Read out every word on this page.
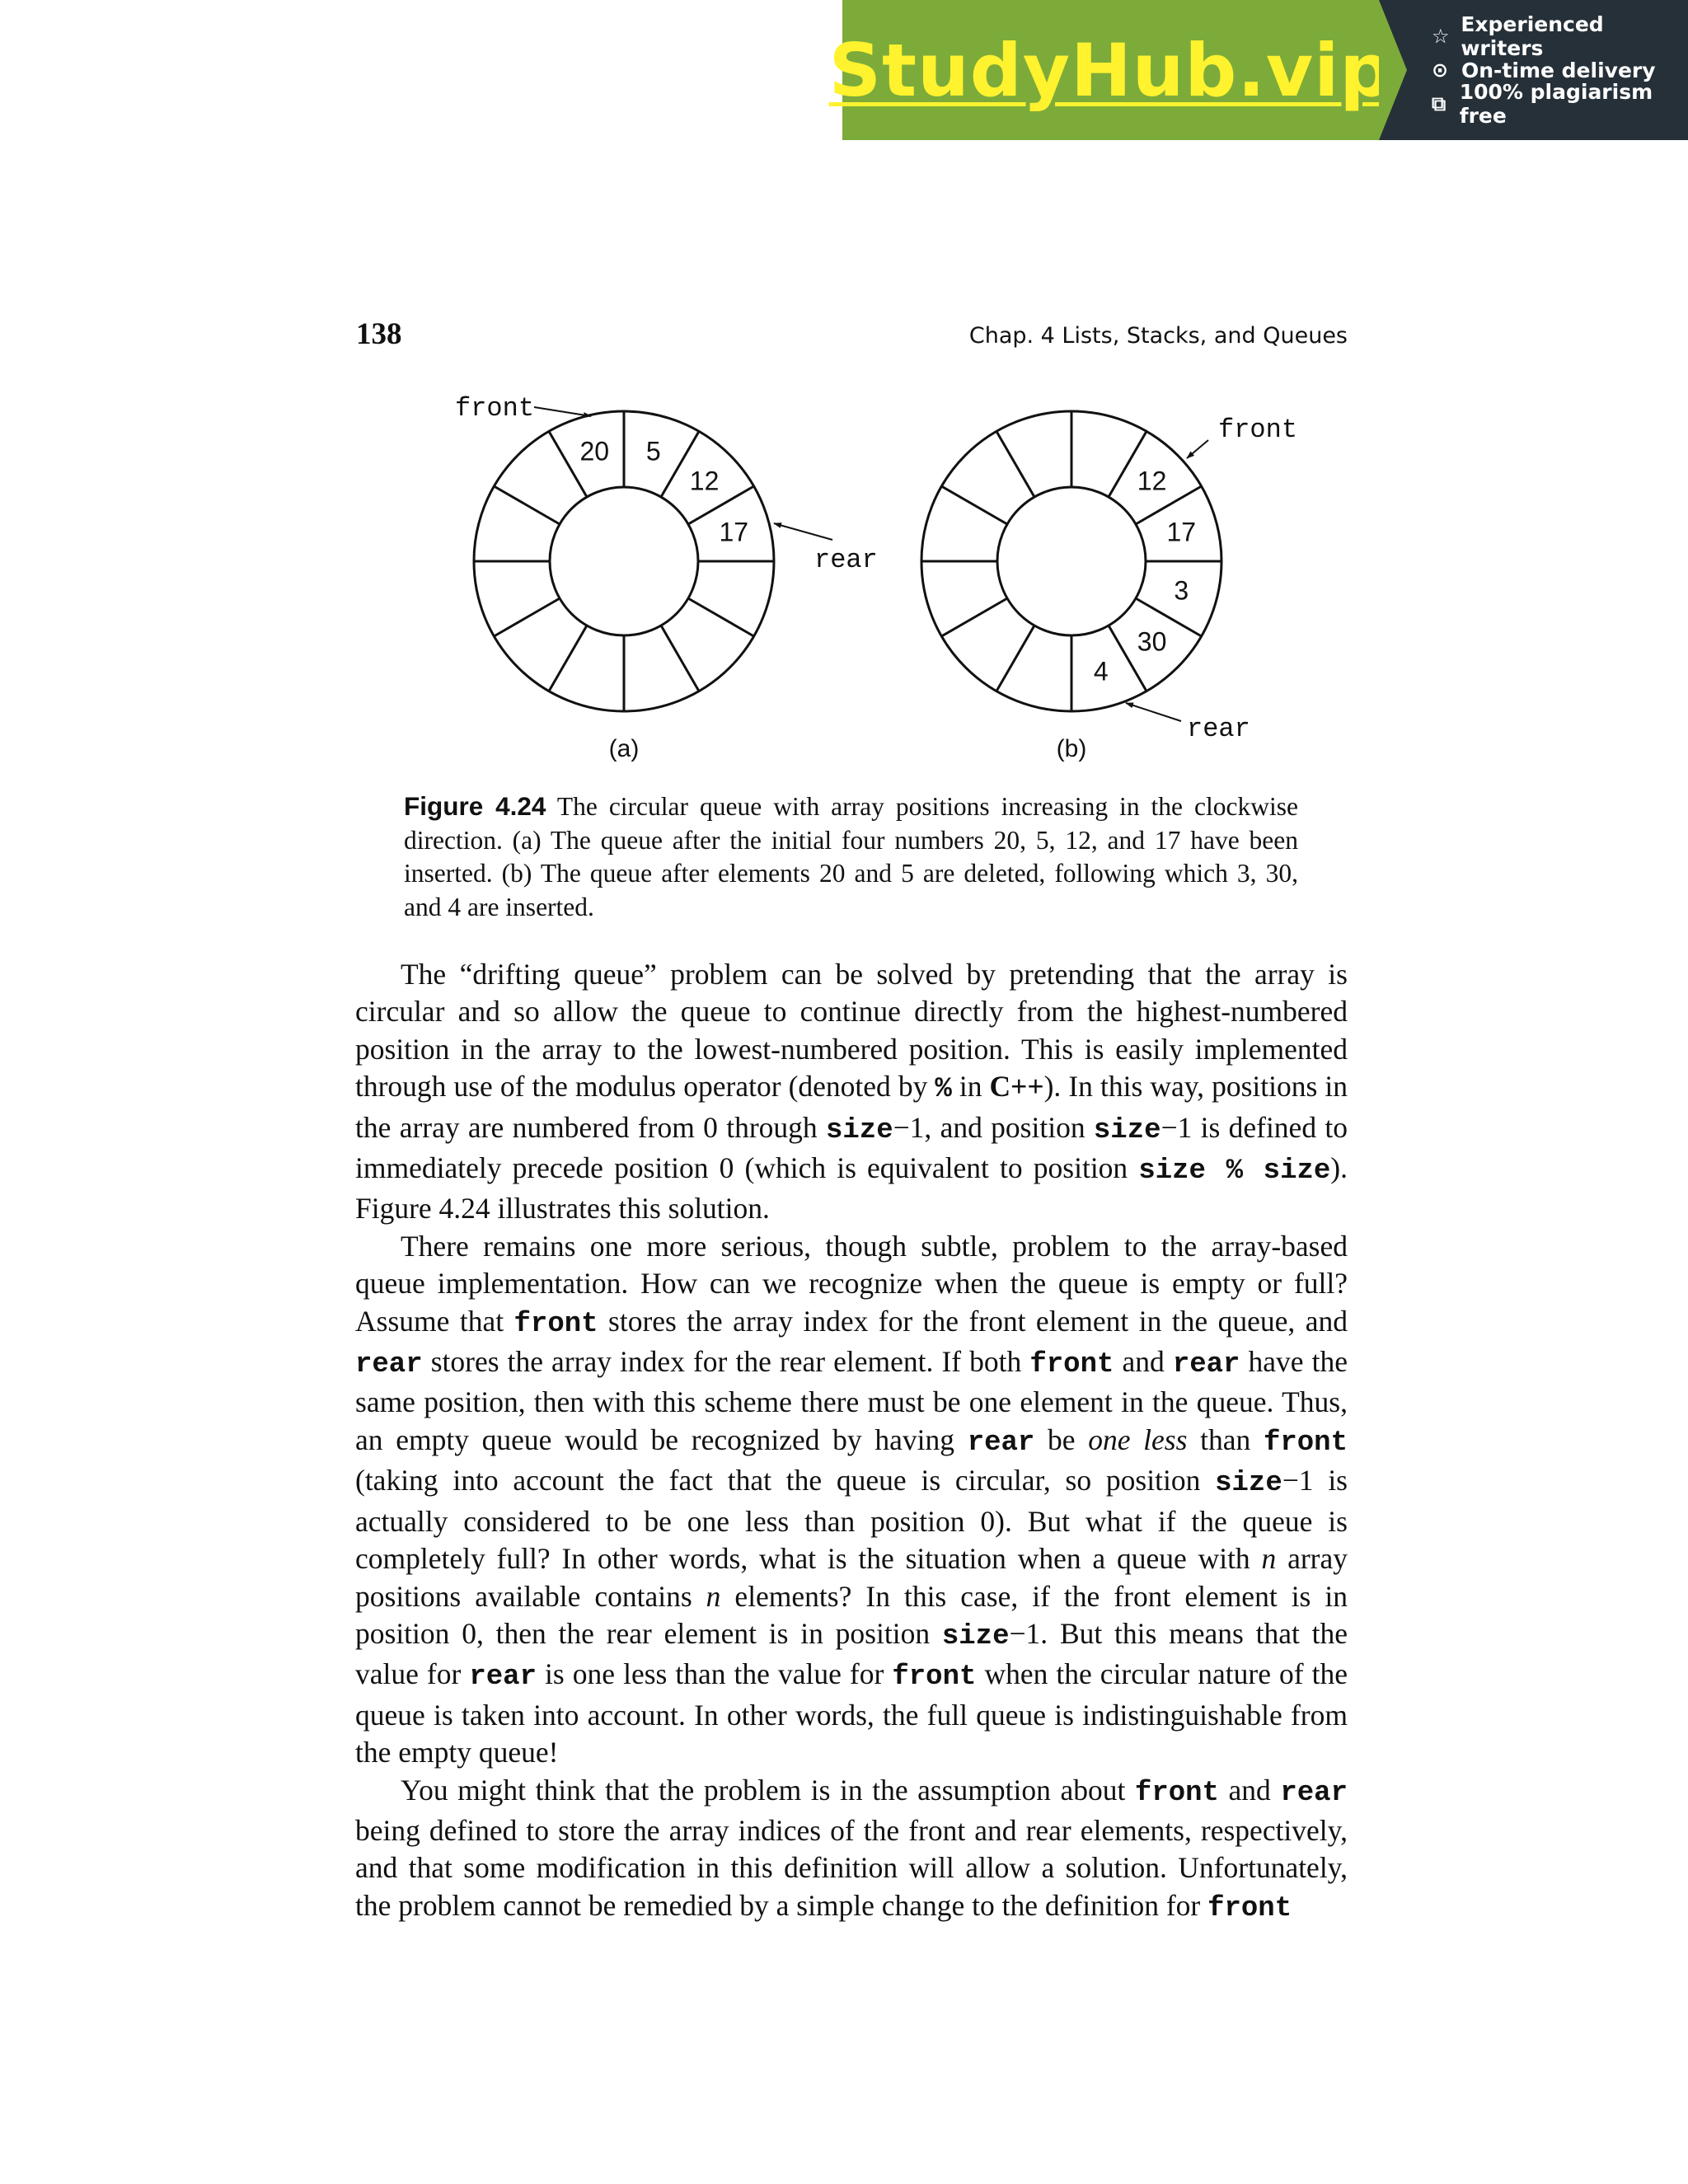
StudyHub.vip ☆ Experienced writers
⊙ On-time delivery
⧉ 100% plagiarism free
138	Chap. 4 Lists, Stacks, and Queues
5
12
17
20
front
rear
(a)
12
17
3
30
4
front
rear
(b)
Figure 4.24 The circular queue with array positions increasing in the clockwise direction. (a) The queue after the initial four numbers 20, 5, 12, and 17 have been inserted. (b) The queue after elements 20 and 5 are deleted, following which 3, 30, and 4 are inserted.

The “drifting queue” problem can be solved by pretending that the array is circular and so allow the queue to continue directly from the highest-numbered position in the array to the lowest-numbered position. This is easily implemented through use of the modulus operator (denoted by % in C++). In this way, positions in the array are numbered from 0 through size−1, and position size−1 is defined to immediately precede position 0 (which is equivalent to position size % size). Figure 4.24 illustrates this solution.

There remains one more serious, though subtle, problem to the array-based queue implementation. How can we recognize when the queue is empty or full? Assume that front stores the array index for the front element in the queue, and rear stores the array index for the rear element. If both front and rear have the same position, then with this scheme there must be one element in the queue. Thus, an empty queue would be recognized by having rear be one less than front (taking into account the fact that the queue is circular, so position size−1 is actually considered to be one less than position 0). But what if the queue is completely full? In other words, what is the situation when a queue with n array positions available contains n elements? In this case, if the front element is in position 0, then the rear element is in position size−1. But this means that the value for rear is one less than the value for front when the circular nature of the queue is taken into account. In other words, the full queue is indistinguishable from the empty queue!

You might think that the problem is in the assumption about front and rear being defined to store the array indices of the front and rear elements, respectively, and that some modification in this definition will allow a solution. Unfortunately, the problem cannot be remedied by a simple change to the definition for front
